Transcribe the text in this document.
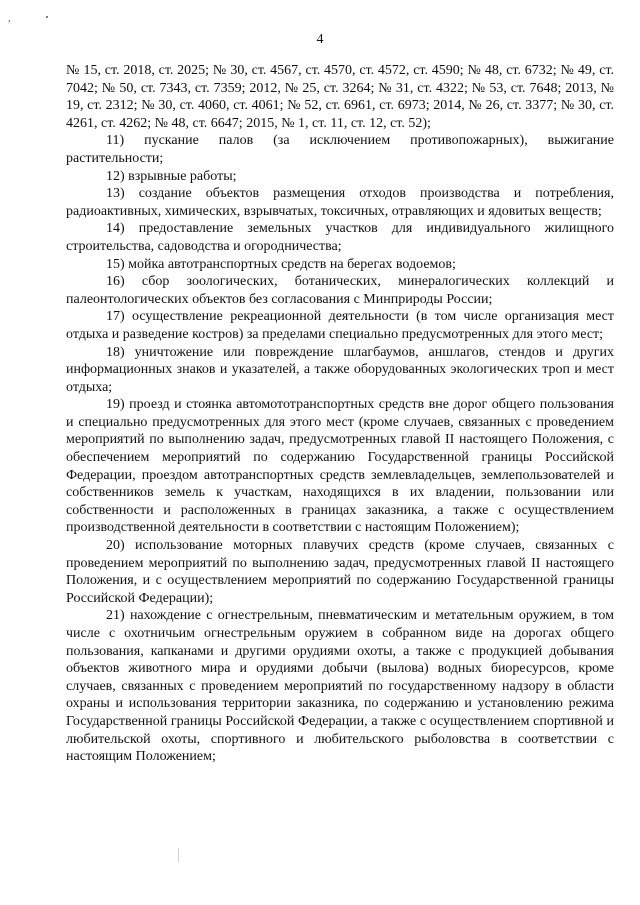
,
4

№ 15, ст. 2018, ст. 2025; № 30, ст. 4567, ст. 4570, ст. 4572, ст. 4590; № 48, ст. 6732; № 49, ст. 7042; № 50, ст. 7343, ст. 7359; 2012, № 25, ст. 3264; № 31, ст. 4322; № 53, ст. 7648; 2013, № 19, ст. 2312; № 30, ст. 4060, ст. 4061; № 52, ст. 6961, ст. 6973; 2014, № 26, ст. 3377; № 30, ст. 4261, ст. 4262; № 48, ст. 6647; 2015, № 1, ст. 11, ст. 12, ст. 52);

11) пускание палов (за исключением противопожарных), выжигание растительности;

12) взрывные работы;

13) создание объектов размещения отходов производства и потребления, радиоактивных, химических, взрывчатых, токсичных, отравляющих и ядовитых веществ;

14) предоставление земельных участков для индивидуального жилищного строительства, садоводства и огородничества;

15) мойка автотранспортных средств на берегах водоемов;

16) сбор зоологических, ботанических, минералогических коллекций и палеонтологических объектов без согласования с Минприроды России;

17) осуществление рекреационной деятельности (в том числе организация мест отдыха и разведение костров) за пределами специально предусмотренных для этого мест;

18) уничтожение или повреждение шлагбаумов, аншлагов, стендов и других информационных знаков и указателей, а также оборудованных экологических троп и мест отдыха;

19) проезд и стоянка автомототранспортных средств вне дорог общего пользования и специально предусмотренных для этого мест (кроме случаев, связанных с проведением мероприятий по выполнению задач, предусмотренных главой II настоящего Положения, с обеспечением мероприятий по содержанию Государственной границы Российской Федерации, проездом автотранспортных средств землевладельцев, землепользователей и собственников земель к участкам, находящихся в их владении, пользовании или собственности и расположенных в границах заказника, а также с осуществлением производственной деятельности в соответствии с настоящим Положением);

20) использование моторных плавучих средств (кроме случаев, связанных с проведением мероприятий по выполнению задач, предусмотренных главой II настоящего Положения, и с осуществлением мероприятий по содержанию Государственной границы Российской Федерации);

21) нахождение с огнестрельным, пневматическим и метательным оружием, в том числе с охотничьим огнестрельным оружием в собранном виде на дорогах общего пользования, капканами и другими орудиями охоты, а также с продукцией добывания объектов животного мира и орудиями добычи (вылова) водных биоресурсов, кроме случаев, связанных с проведением мероприятий по государственному надзору в области охраны и использования территории заказника, по содержанию и установлению режима Государственной границы Российской Федерации, а также с осуществлением спортивной и любительской охоты, спортивного и любительского рыболовства в соответствии с настоящим Положением;
